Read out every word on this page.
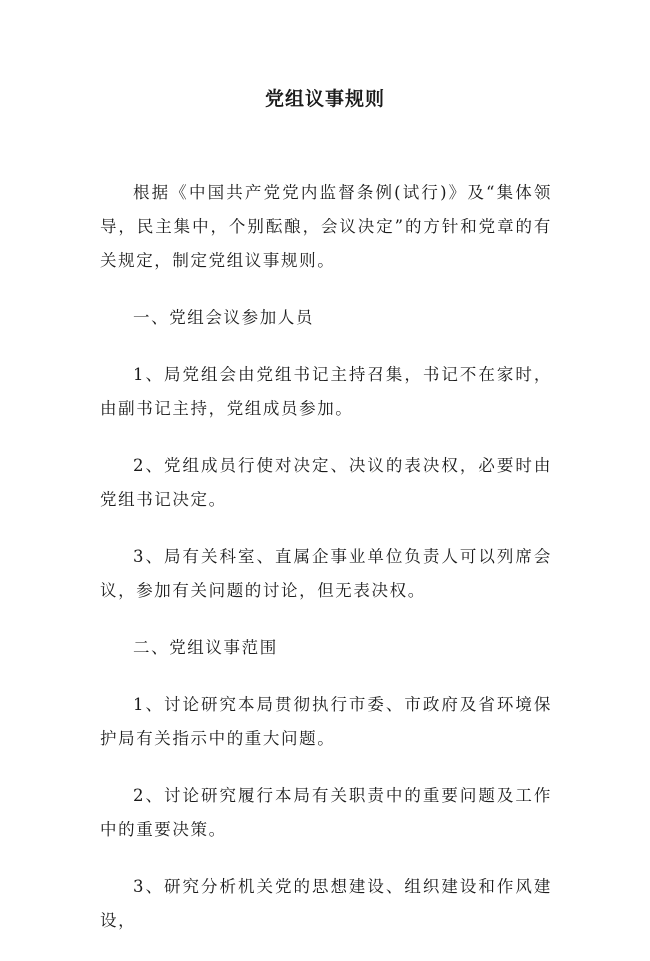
党组议事规则

根据《中国共产党党内监督条例(试行)》及“集体领导，民主集中，个别酝酿，会议决定”的方针和党章的有关规定，制定党组议事规则。

一、党组会议参加人员

1、局党组会由党组书记主持召集，书记不在家时，由副书记主持，党组成员参加。

2、党组成员行使对决定、决议的表决权，必要时由党组书记决定。

3、局有关科室、直属企事业单位负责人可以列席会议，参加有关问题的讨论，但无表决权。

二、党组议事范围

1、讨论研究本局贯彻执行市委、市政府及省环境保护局有关指示中的重大问题。

2、讨论研究履行本局有关职责中的重要问题及工作中的重要决策。

3、研究分析机关党的思想建设、组织建设和作风建设，
